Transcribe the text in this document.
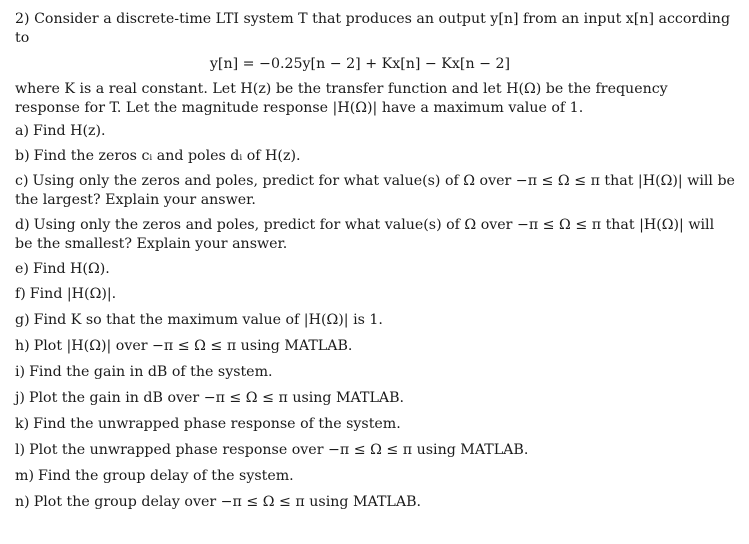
2) Consider a discrete-time LTI system T that produces an output y[n] from an input x[n] according to

y[n] = −0.25y[n − 2] + Kx[n] − Kx[n − 2]

where K is a real constant. Let H(z) be the transfer function and let H(Ω) be the frequency response for T. Let the magnitude response |H(Ω)| have a maximum value of 1.

a) Find H(z).

b) Find the zeros cᵢ and poles dᵢ of H(z).

c) Using only the zeros and poles, predict for what value(s) of Ω over −π ≤ Ω ≤ π that |H(Ω)| will be the largest? Explain your answer.

d) Using only the zeros and poles, predict for what value(s) of Ω over −π ≤ Ω ≤ π that |H(Ω)| will be the smallest? Explain your answer.

e) Find H(Ω).

f) Find |H(Ω)|.

g) Find K so that the maximum value of |H(Ω)| is 1.

h) Plot |H(Ω)| over −π ≤ Ω ≤ π using MATLAB.

i) Find the gain in dB of the system.

j) Plot the gain in dB over −π ≤ Ω ≤ π using MATLAB.

k) Find the unwrapped phase response of the system.

l) Plot the unwrapped phase response over −π ≤ Ω ≤ π using MATLAB.

m) Find the group delay of the system.

n) Plot the group delay over −π ≤ Ω ≤ π using MATLAB.
